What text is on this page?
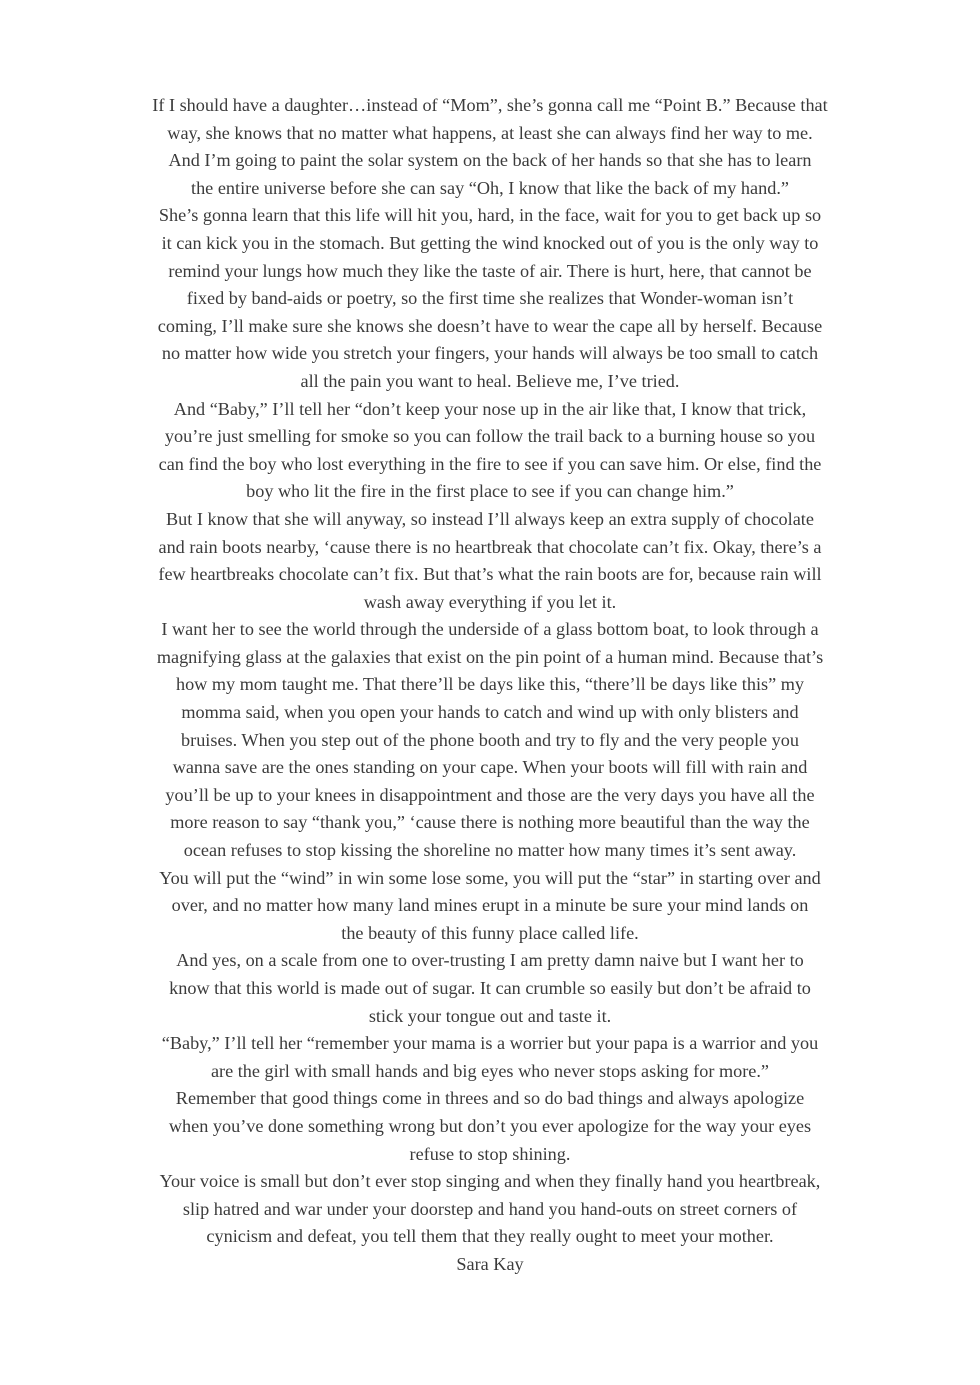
If I should have a daughter…instead of “Mom”, she’s gonna call me “Point B.” Because that
way, she knows that no matter what happens, at least she can always find her way to me.
And I’m going to paint the solar system on the back of her hands so that she has to learn
the entire universe before she can say “Oh, I know that like the back of my hand.”
She’s gonna learn that this life will hit you, hard, in the face, wait for you to get back up so
it can kick you in the stomach. But getting the wind knocked out of you is the only way to
remind your lungs how much they like the taste of air. There is hurt, here, that cannot be
fixed by band-aids or poetry, so the first time she realizes that Wonder-woman isn’t
coming, I’ll make sure she knows she doesn’t have to wear the cape all by herself. Because
no matter how wide you stretch your fingers, your hands will always be too small to catch
all the pain you want to heal. Believe me, I’ve tried.
And “Baby,” I’ll tell her “don’t keep your nose up in the air like that, I know that trick,
you’re just smelling for smoke so you can follow the trail back to a burning house so you
can find the boy who lost everything in the fire to see if you can save him. Or else, find the
boy who lit the fire in the first place to see if you can change him.”
But I know that she will anyway, so instead I’ll always keep an extra supply of chocolate
and rain boots nearby, ‘cause there is no heartbreak that chocolate can’t fix. Okay, there’s a
few heartbreaks chocolate can’t fix. But that’s what the rain boots are for, because rain will
wash away everything if you let it.
I want her to see the world through the underside of a glass bottom boat, to look through a
magnifying glass at the galaxies that exist on the pin point of a human mind. Because that’s
how my mom taught me. That there’ll be days like this, “there’ll be days like this” my
momma said, when you open your hands to catch and wind up with only blisters and
bruises. When you step out of the phone booth and try to fly and the very people you
wanna save are the ones standing on your cape. When your boots will fill with rain and
you’ll be up to your knees in disappointment and those are the very days you have all the
more reason to say “thank you,” ‘cause there is nothing more beautiful than the way the
ocean refuses to stop kissing the shoreline no matter how many times it’s sent away.
You will put the “wind” in win some lose some, you will put the “star” in starting over and
over, and no matter how many land mines erupt in a minute be sure your mind lands on
the beauty of this funny place called life.
And yes, on a scale from one to over-trusting I am pretty damn naive but I want her to
know that this world is made out of sugar. It can crumble so easily but don’t be afraid to
stick your tongue out and taste it.
“Baby,” I’ll tell her “remember your mama is a worrier but your papa is a warrior and you
are the girl with small hands and big eyes who never stops asking for more.”
Remember that good things come in threes and so do bad things and always apologize
when you’ve done something wrong but don’t you ever apologize for the way your eyes
refuse to stop shining.
Your voice is small but don’t ever stop singing and when they finally hand you heartbreak,
slip hatred and war under your doorstep and hand you hand-outs on street corners of
cynicism and defeat, you tell them that they really ought to meet your mother.
Sara Kay
